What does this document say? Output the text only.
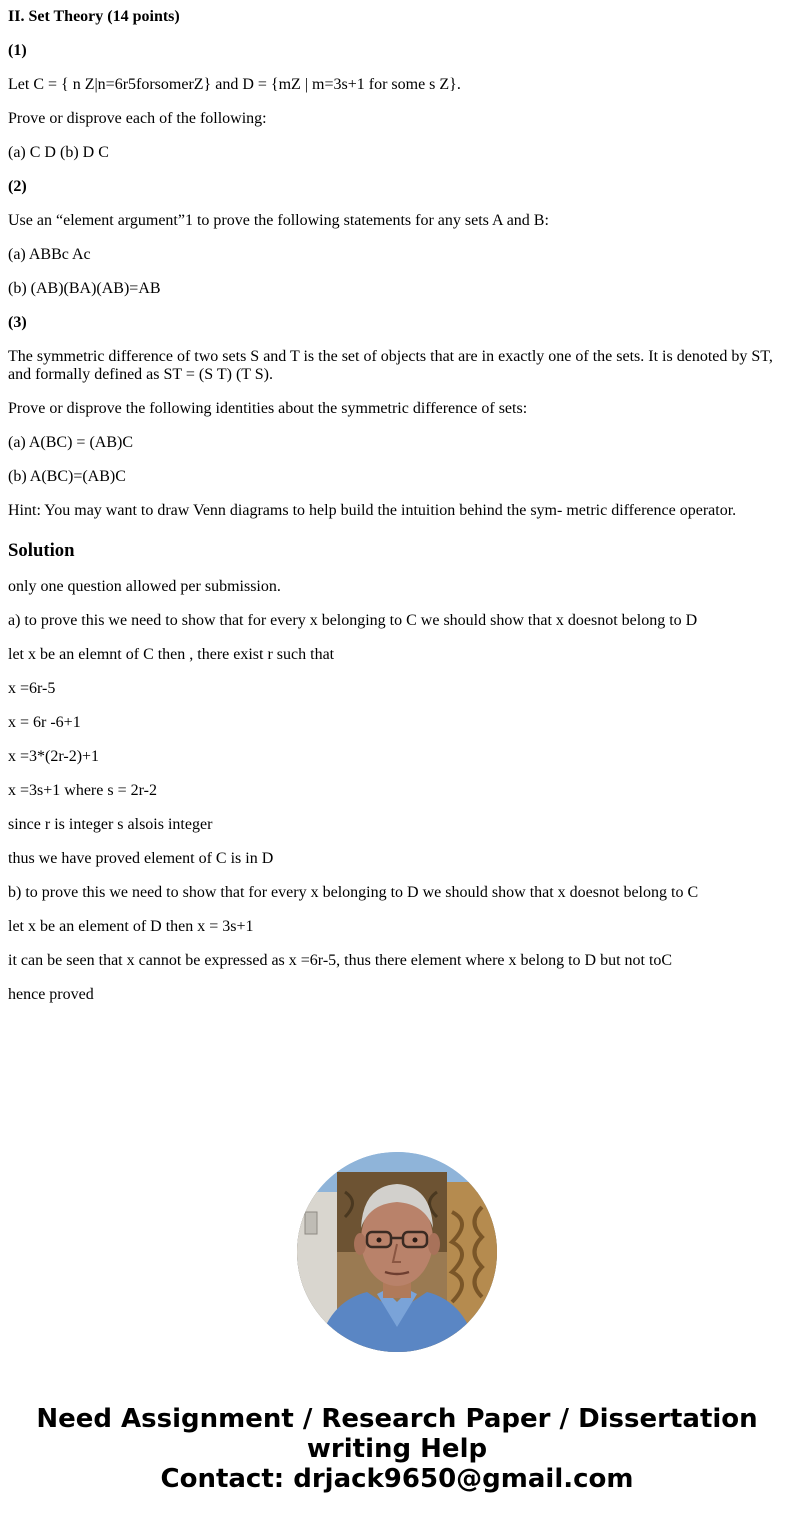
II. Set Theory (14 points)

(1)

Let C = { n Z|n=6r5forsomerZ} and D = {mZ | m=3s+1 for some s Z}.

Prove or disprove each of the following:

(a) C D (b) D C

(2)

Use an “element argument”1 to prove the following statements for any sets A and B:

(a) ABBc Ac

(b) (AB)(BA)(AB)=AB

(3)

The symmetric difference of two sets S and T is the set of objects that are in exactly one of the sets. It is denoted by ST, and formally defined as ST = (S T) (T S).

Prove or disprove the following identities about the symmetric difference of sets:

(a) A(BC) = (AB)C

(b) A(BC)=(AB)C

Hint: You may want to draw Venn diagrams to help build the intuition behind the sym- metric difference operator.

Solution

only one question allowed per submission.

a) to prove this we need to show that for every x belonging to C we should show that x doesnot belong to D

let x be an elemnt of C then , there exist r such that

x =6r-5

x = 6r -6+1

x =3*(2r-2)+1

x =3s+1 where s = 2r-2

since r is integer s alsois integer

thus we have proved element of C is in D

b) to prove this we need to show that for every x belonging to D we should show that x doesnot belong to C

let x be an element of D then x = 3s+1

it can be seen that x cannot be expressed as x =6r-5, thus there element where x belong to D but not toC

hence proved

Need Assignment / Research Paper / Dissertation
writing Help
Contact: drjack9650@gmail.com
